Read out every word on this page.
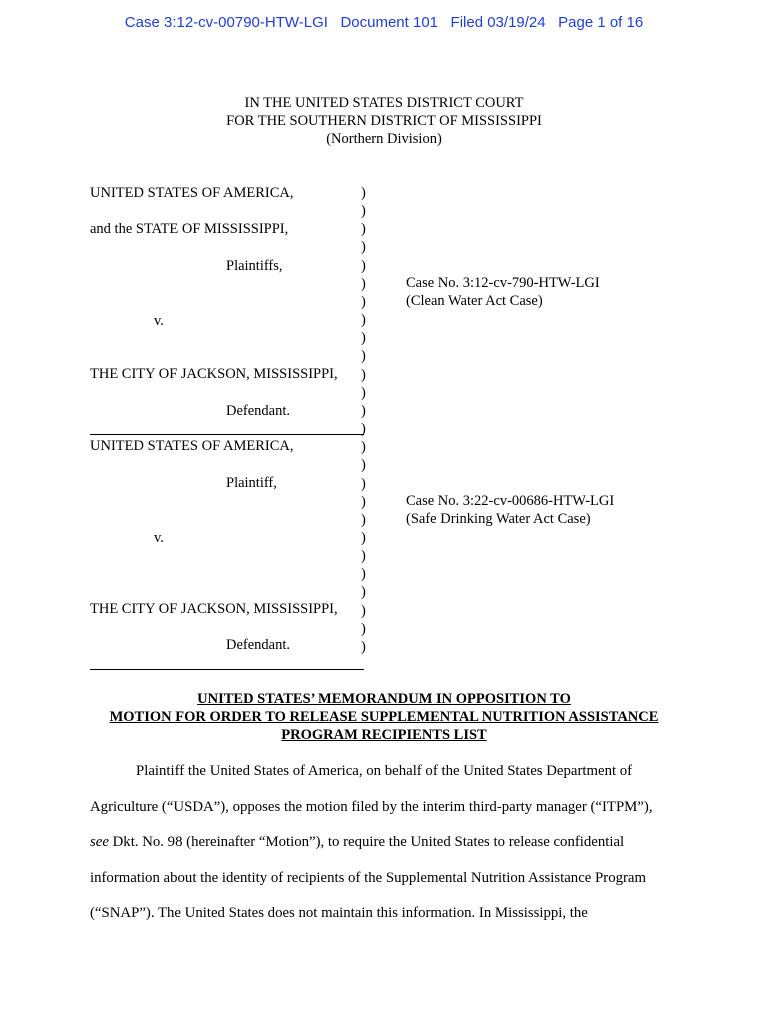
Case 3:12-cv-00790-HTW-LGI Document 101 Filed 03/19/24 Page 1 of 16
IN THE UNITED STATES DISTRICT COURT
FOR THE SOUTHERN DISTRICT OF MISSISSIPPI
(Northern Division)
UNITED STATES OF AMERICA,
and the STATE OF MISSISSIPPI,
Plaintiffs,
v.
THE CITY OF JACKSON, MISSISSIPPI,
Defendant.
Case No. 3:12-cv-790-HTW-LGI
(Clean Water Act Case)
UNITED STATES OF AMERICA,
Plaintiff,
v.
THE CITY OF JACKSON, MISSISSIPPI,
Defendant.
Case No. 3:22-cv-00686-HTW-LGI
(Safe Drinking Water Act Case)
)
)
)
)
)
)
)
)
)
)
)
)
)
)
)
)
)
)
)
)
)
)
)
)
)
)
UNITED STATES’ MEMORANDUM IN OPPOSITION TO
MOTION FOR ORDER TO RELEASE SUPPLEMENTAL NUTRITION ASSISTANCE
PROGRAM RECIPIENTS LIST
Plaintiff the United States of America, on behalf of the United States Department of
Agriculture (“USDA”), opposes the motion filed by the interim third-party manager (“ITPM”),
see Dkt. No. 98 (hereinafter “Motion”), to require the United States to release confidential
information about the identity of recipients of the Supplemental Nutrition Assistance Program
(“SNAP”). The United States does not maintain this information. In Mississippi, the
